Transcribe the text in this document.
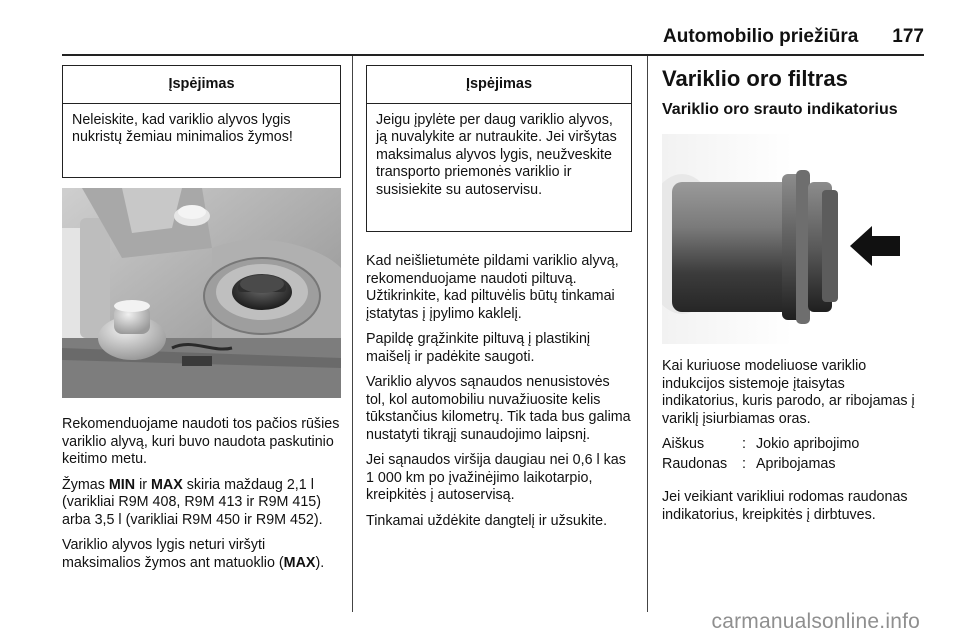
Automobilio priežiūra 177
Įspėjimas
Neleiskite, kad variklio alyvos lygis nukristų žemiau minimalios žymos!

Rekomenduojame naudoti tos pačios rūšies variklio alyvą, kuri buvo naudota paskutinio keitimo metu.

Žymas MIN ir MAX skiria maždaug 2,1 l (varikliai R9M 408, R9M 413 ir R9M 415) arba 3,5 l (varikliai R9M 450 ir R9M 452).

Variklio alyvos lygis neturi viršyti maksimalios žymos ant matuoklio (MAX).

Įspėjimas
Jeigu įpylėte per daug variklio alyvos, ją nuvalykite ar nutraukite. Jei viršytas maksimalus alyvos lygis, neužveskite transporto priemonės variklio ir susisiekite su autoservisu.

Kad neišlietumėte pildami variklio alyvą, rekomenduojame naudoti piltuvą. Užtikrinkite, kad piltuvėlis būtų tinkamai įstatytas į įpylimo kaklelį.

Papildę grąžinkite piltuvą į plastikinį maišelį ir padėkite saugoti.

Variklio alyvos sąnaudos nenusistovės tol, kol automobiliu nuvažiuosite kelis tūkstančius kilometrų. Tik tada bus galima nustatyti tikrąjį sunaudojimo laipsnį.

Jei sąnaudos viršija daugiau nei 0,6 l kas 1 000 km po įvažinėjimo laikotarpio, kreipkitės į autoservisą.

Tinkamai uždėkite dangtelį ir užsukite.

Variklio oro filtras
Variklio oro srauto indikatorius

Kai kuriuose modeliuose variklio indukcijos sistemoje įtaisytas indikatorius, kuris parodo, ar ribojamas į variklį įsiurbiamas oras.

Aiškus	:	Jokio apribojimo
Raudonas	:	Apribojamas

Jei veikiant varikliui rodomas raudonas indikatorius, kreipkitės į dirbtuves.

carmanualsonline.info
